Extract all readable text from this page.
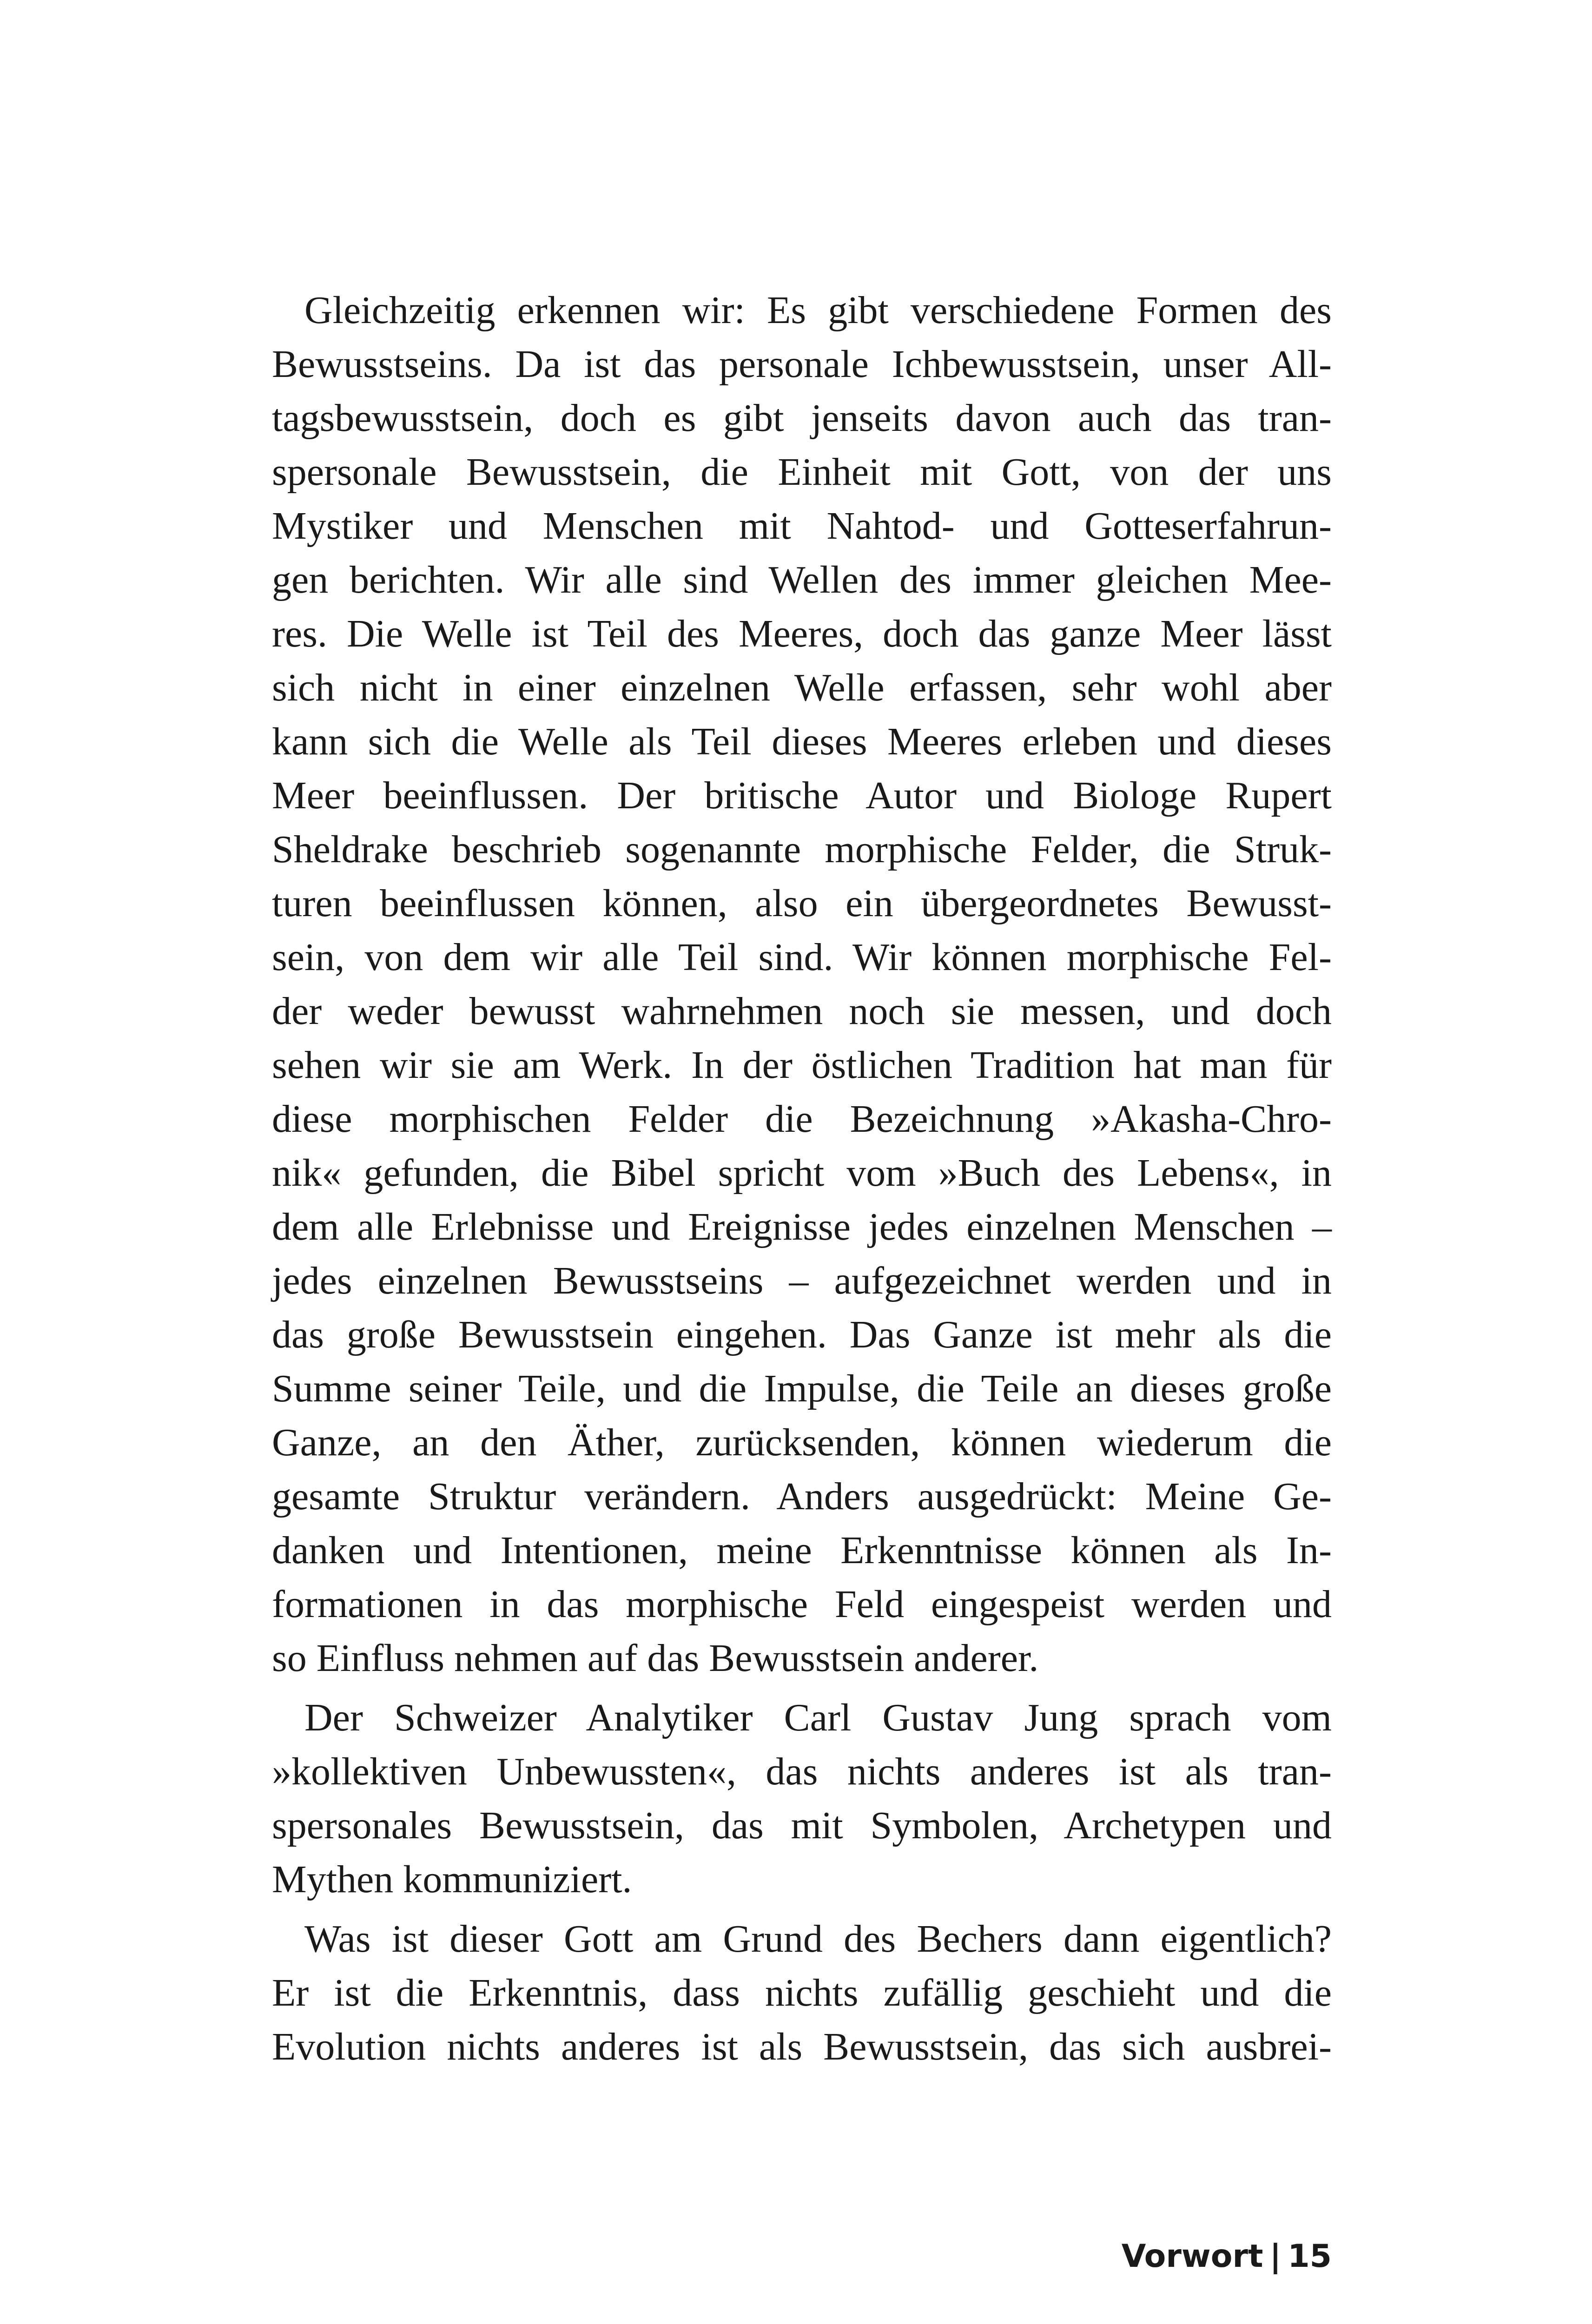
Gleichzeitig erkennen wir: Es gibt verschiedene Formen des
Bewusstseins. Da ist das personale Ichbewusstsein, unser All-
tagsbewusstsein, doch es gibt jenseits davon auch das tran-
spersonale Bewusstsein, die Einheit mit Gott, von der uns
Mystiker und Menschen mit Nahtod- und Gotteserfahrun-
gen berichten. Wir alle sind Wellen des immer gleichen Mee-
res. Die Welle ist Teil des Meeres, doch das ganze Meer lässt
sich nicht in einer einzelnen Welle erfassen, sehr wohl aber
kann sich die Welle als Teil dieses Meeres erleben und dieses
Meer beeinflussen. Der britische Autor und Biologe Rupert
Sheldrake beschrieb sogenannte morphische Felder, die Struk-
turen beeinflussen können, also ein übergeordnetes Bewusst-
sein, von dem wir alle Teil sind. Wir können morphische Fel-
der weder bewusst wahrnehmen noch sie messen, und doch
sehen wir sie am Werk. In der östlichen Tradition hat man für
diese morphischen Felder die Bezeichnung »Akasha-Chro-
nik« gefunden, die Bibel spricht vom »Buch des Lebens«, in
dem alle Erlebnisse und Ereignisse jedes einzelnen Menschen –
jedes einzelnen Bewusstseins – aufgezeichnet werden und in
das große Bewusstsein eingehen. Das Ganze ist mehr als die
Summe seiner Teile, und die Impulse, die Teile an dieses große
Ganze, an den Äther, zurücksenden, können wiederum die
gesamte Struktur verändern. Anders ausgedrückt: Meine Ge-
danken und Intentionen, meine Erkenntnisse können als In-
formationen in das morphische Feld eingespeist werden und
so Einfluss nehmen auf das Bewusstsein anderer.
Der Schweizer Analytiker Carl Gustav Jung sprach vom
»kollektiven Unbewussten«, das nichts anderes ist als tran-
spersonales Bewusstsein, das mit Symbolen, Archetypen und
Mythen kommuniziert.
Was ist dieser Gott am Grund des Bechers dann eigentlich?
Er ist die Erkenntnis, dass nichts zufällig geschieht und die
Evolution nichts anderes ist als Bewusstsein, das sich ausbrei-
Vorwort | 15
